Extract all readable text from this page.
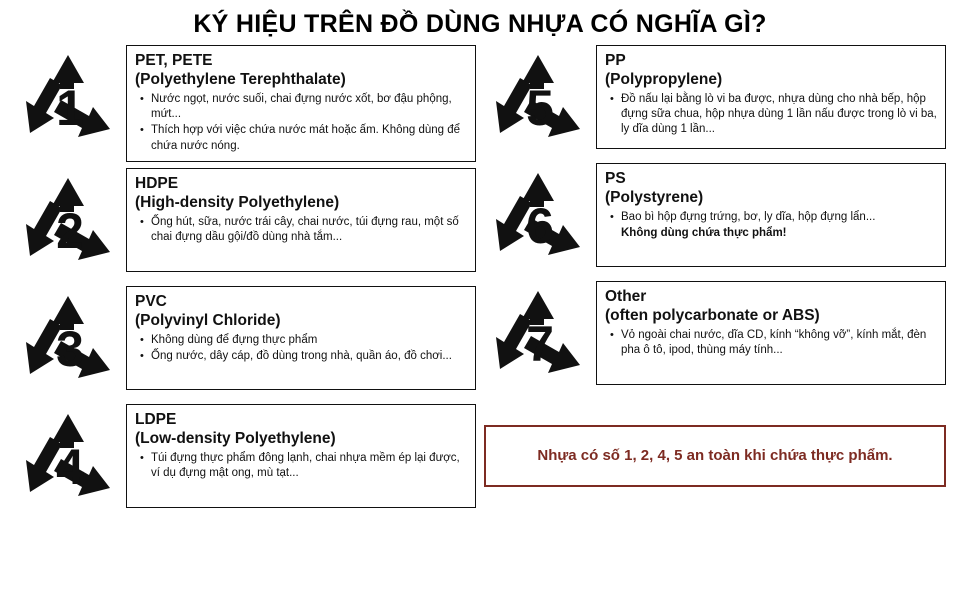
KÝ HIỆU TRÊN ĐỒ DÙNG NHỰA CÓ NGHĨA GÌ?
1
PET, PETE
(Polyethylene Terephthalate)
• Nước ngọt, nước suối, chai đựng nước xốt, bơ đậu phộng, mứt...
• Thích hợp với việc chứa nước mát hoặc ấm. Không dùng để chứa nước nóng.
2
HDPE
(High-density Polyethylene)
• Ống hút, sữa, nước trái cây, chai nước, túi đựng rau, một số chai đựng dầu gội/đồ dùng nhà tắm...
3
PVC
(Polyvinyl Chloride)
• Không dùng để đựng thực phẩm
• Ống nước, dây cáp, đồ dùng trong nhà, quần áo, đồ chơi...
4
LDPE
(Low-density Polyethylene)
• Túi đựng thực phẩm đông lạnh, chai nhựa mềm ép lại được, ví dụ đựng mật ong, mù tạt...
5
PP
(Polypropylene)
• Đồ nấu lại bằng lò vi ba được, nhựa dùng cho nhà bếp, hộp đựng sữa chua, hộp nhựa dùng 1 lần nấu được trong lò vi ba, ly dĩa dùng 1 lần...
6
PS
(Polystyrene)
• Bao bì hộp đựng trứng, bơ, ly dĩa, hộp đựng lẩn...
Không dùng chứa thực phẩm!
7
Other
(often polycarbonate or ABS)
• Vỏ ngoài chai nước, dĩa CD, kính “không vỡ”, kính mắt, đèn pha ô tô, ipod, thùng máy tính...
Nhựa có số 1, 2, 4, 5 an toàn khi chứa thực phẩm.
